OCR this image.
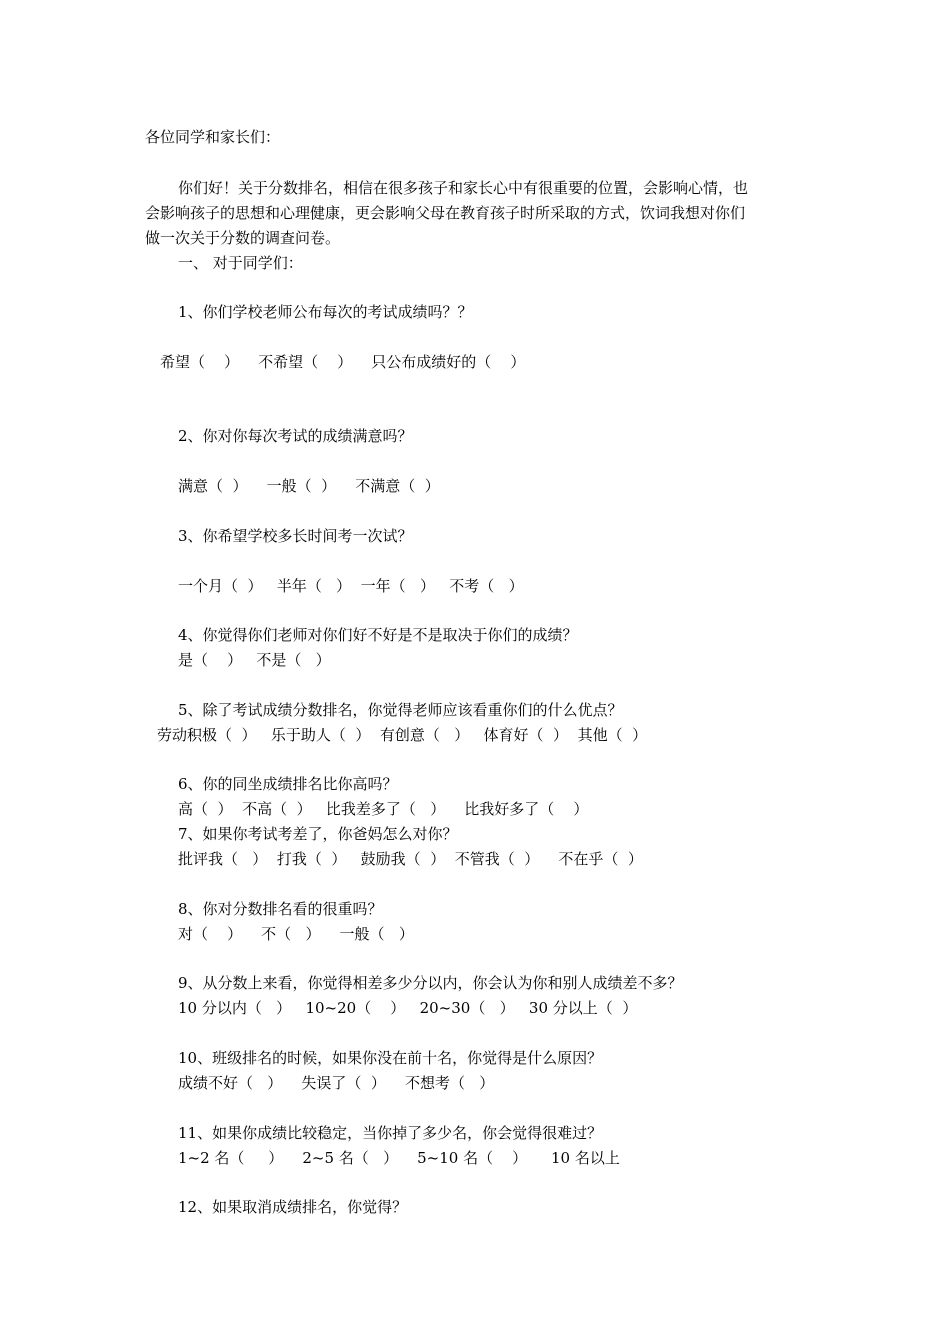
各位同学和家长们：
你们好！关于分数排名，相信在很多孩子和家长心中有很重要的位置，会影响心情，也
会影响孩子的思想和心理健康，更会影响父母在教育孩子时所采取的方式，饮词我想对你们
做一次关于分数的调查问卷。
一、 对于同学们：
1、你们学校老师公布每次的考试成绩吗？？
希望（    ）    不希望（    ）    只公布成绩好的（    ）
2、你对你每次考试的成绩满意吗？
满意（  ）    一般（  ）    不满意（  ）
3、你希望学校多长时间考一次试？
一个月（  ）   半年（   ）  一年（   ）   不考（   ）
4、你觉得你们老师对你们好不好是不是取决于你们的成绩？
是（    ）   不是（   ）
5、除了考试成绩分数排名，你觉得老师应该看重你们的什么优点？
劳动积极（  ）   乐于助人（  ）  有创意（   ）   体育好（  ）  其他（  ）
6、你的同坐成绩排名比你高吗？
高（  ）  不高（  ）   比我差多了（   ）    比我好多了（    ）
7、如果你考试考差了，你爸妈怎么对你？
批评我（   ）  打我（  ）   鼓励我（  ）  不管我（  ）    不在乎（  ）
8、你对分数排名看的很重吗？
对（    ）    不（   ）    一般（   ）
9、从分数上来看，你觉得相差多少分以内，你会认为你和别人成绩差不多？
10 分以内（   ）   10~20（    ）   20~30（   ）   30 分以上（  ）
10、班级排名的时候，如果你没在前十名，你觉得是什么原因？
成绩不好（   ）    失误了（  ）    不想考（   ）
11、如果你成绩比较稳定，当你掉了多少名，你会觉得很难过？
1~2 名（     ）    2~5 名（   ）    5~10 名（    ）     10 名以上
12、如果取消成绩排名，你觉得？
